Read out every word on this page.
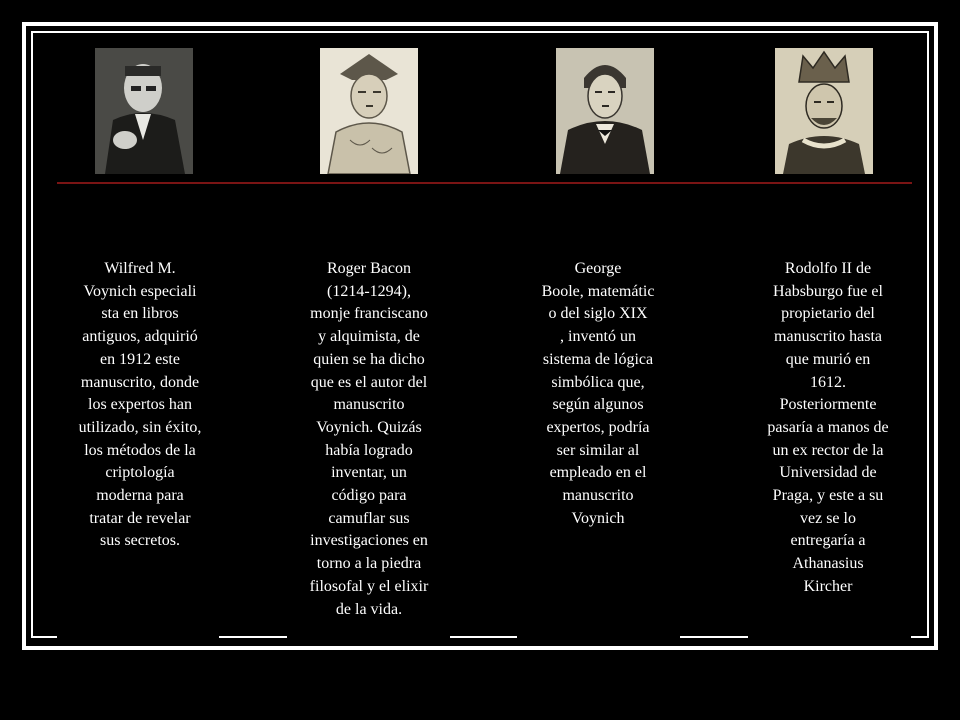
Wilfred M.
Voynich especiali
sta en libros
antiguos, adquirió
en 1912 este
manuscrito, donde
los expertos han
utilizado, sin éxito,
los métodos de la
criptología
moderna para
tratar de revelar
sus secretos.
Roger Bacon
(1214-1294),
monje franciscano
y alquimista, de
quien se ha dicho
que es el autor del
manuscrito
Voynich. Quizás
había logrado
inventar, un
código para
camuflar sus
investigaciones en
torno a la piedra
filosofal y el elixir
de la vida.
George
Boole, matemátic
o del siglo XIX
, inventó un
sistema de lógica
simbólica que,
según algunos
expertos, podría
ser similar al
empleado en el
manuscrito
Voynich
Rodolfo II de
Habsburgo fue el
propietario del
manuscrito hasta
que murió en
1612.
Posteriormente
pasaría a manos de
un ex rector de la
Universidad de
Praga, y este a su
vez se lo
entregaría a
Athanasius
Kircher
